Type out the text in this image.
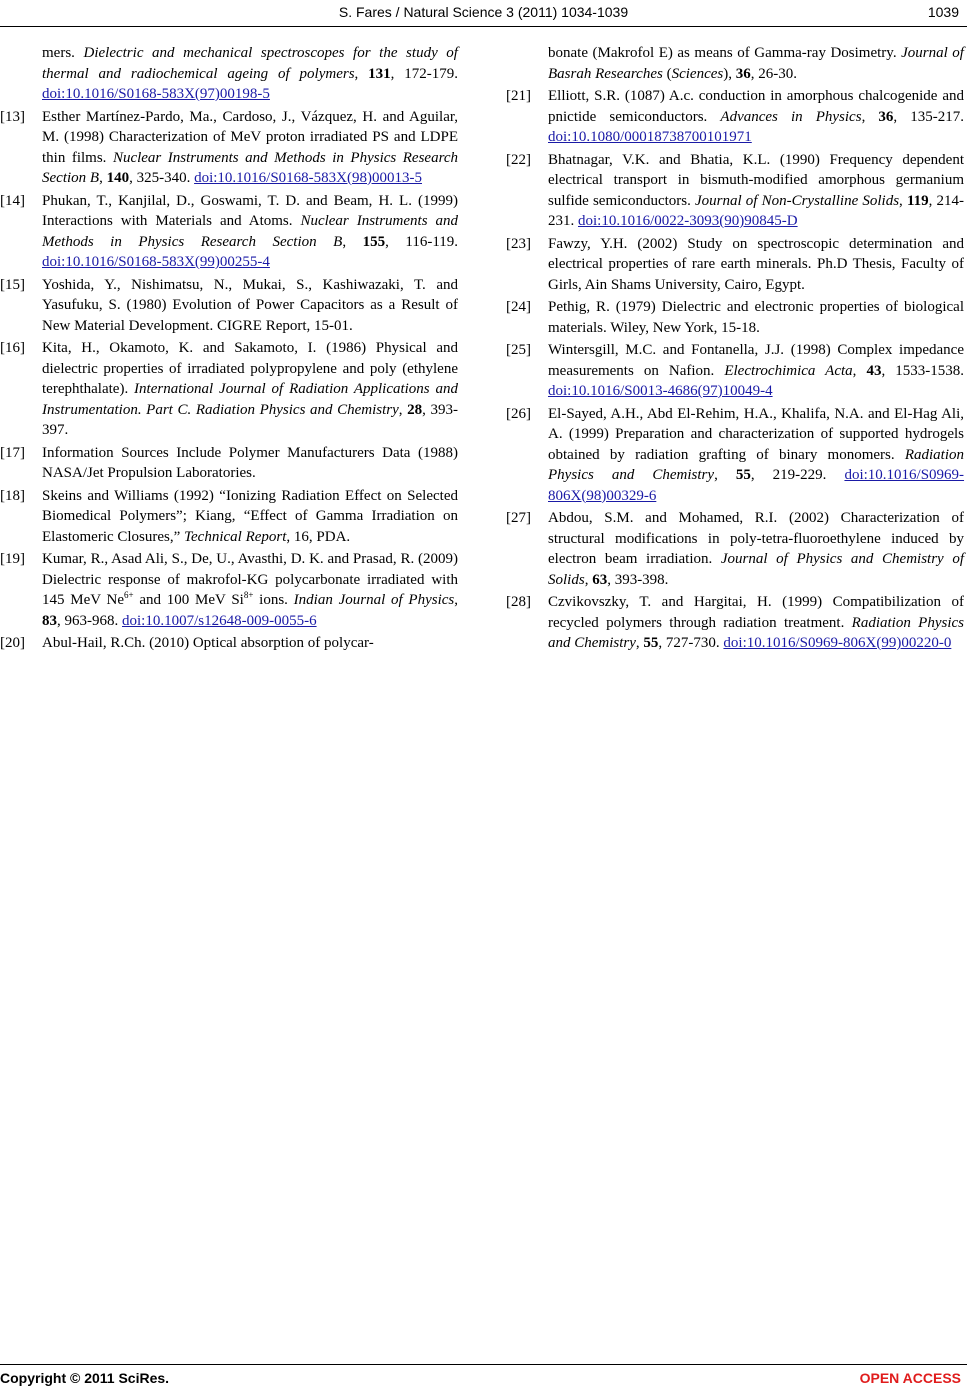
S. Fares / Natural Science 3 (2011) 1034-1039	1039

mers. Dielectric and mechanical spectroscopes for the study of thermal and radiochemical ageing of polymers, 131, 172-179. doi:10.1016/S0168-583X(97)00198-5

[13] Esther Martínez-Pardo, Ma., Cardoso, J., Vázquez, H. and Aguilar, M. (1998) Characterization of MeV proton irradiated PS and LDPE thin films. Nuclear Instruments and Methods in Physics Research Section B, 140, 325-340. doi:10.1016/S0168-583X(98)00013-5

[14] Phukan, T., Kanjilal, D., Goswami, T. D. and Beam, H. L. (1999) Interactions with Materials and Atoms. Nuclear Instruments and Methods in Physics Research Section B, 155, 116-119. doi:10.1016/S0168-583X(99)00255-4

[15] Yoshida, Y., Nishimatsu, N., Mukai, S., Kashiwazaki, T. and Yasufuku, S. (1980) Evolution of Power Capacitors as a Result of New Material Development. CIGRE Report, 15-01.

[16] Kita, H., Okamoto, K. and Sakamoto, I. (1986) Physical and dielectric properties of irradiated polypropylene and poly (ethylene terephthalate). International Journal of Radiation Applications and Instrumentation. Part C. Radiation Physics and Chemistry, 28, 393-397.

[17] Information Sources Include Polymer Manufacturers Data (1988) NASA/Jet Propulsion Laboratories.

[18] Skeins and Williams (1992) “Ionizing Radiation Effect on Selected Biomedical Polymers”; Kiang, “Effect of Gamma Irradiation on Elastomeric Closures,” Technical Report, 16, PDA.

[19] Kumar, R., Asad Ali, S., De, U., Avasthi, D. K. and Prasad, R. (2009) Dielectric response of makrofol-KG polycarbonate irradiated with 145 MeV $Ne^{6+}$ and 100 MeV $Si^{8+}$ ions. Indian Journal of Physics, 83, 963-968. doi:10.1007/s12648-009-0055-6

[20] Abul-Hail, R.Ch. (2010) Optical absorption of polycar-

bonate (Makrofol E) as means of Gamma-ray Dosimetry. Journal of Basrah Researches (Sciences), 36, 26-30.

[21] Elliott, S.R. (1087) A.c. conduction in amorphous chalcogenide and pnictide semiconductors. Advances in Physics, 36, 135-217. doi:10.1080/00018738700101971

[22] Bhatnagar, V.K. and Bhatia, K.L. (1990) Frequency dependent electrical transport in bismuth-modified amorphous germanium sulfide semiconductors. Journal of Non-Crystalline Solids, 119, 214-231. doi:10.1016/0022-3093(90)90845-D

[23] Fawzy, Y.H. (2002) Study on spectroscopic determination and electrical properties of rare earth minerals. Ph.D Thesis, Faculty of Girls, Ain Shams University, Cairo, Egypt.

[24] Pethig, R. (1979) Dielectric and electronic properties of biological materials. Wiley, New York, 15-18.

[25] Wintersgill, M.C. and Fontanella, J.J. (1998) Complex impedance measurements on Nafion. Electrochimica Acta, 43, 1533-1538. doi:10.1016/S0013-4686(97)10049-4

[26] El-Sayed, A.H., Abd El-Rehim, H.A., Khalifa, N.A. and El-Hag Ali, A. (1999) Preparation and characterization of supported hydrogels obtained by radiation grafting of binary monomers. Radiation Physics and Chemistry, 55, 219-229. doi:10.1016/S0969-806X(98)00329-6

[27] Abdou, S.M. and Mohamed, R.I. (2002) Characterization of structural modifications in poly-tetra-fluoroethylene induced by electron beam irradiation. Journal of Physics and Chemistry of Solids, 63, 393-398.

[28] Czvikovszky, T. and Hargitai, H. (1999) Compatibilization of recycled polymers through radiation treatment. Radiation Physics and Chemistry, 55, 727-730. doi:10.1016/S0969-806X(99)00220-0

Copyright © 2011 SciRes.	OPEN ACCESS
